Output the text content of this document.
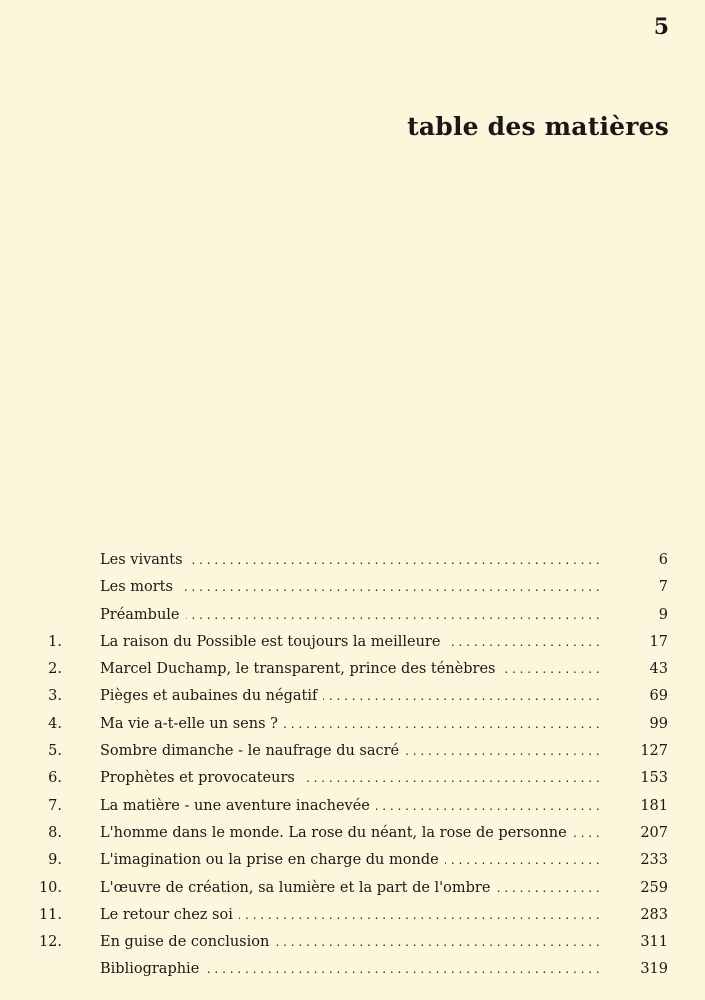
5
table des matières
Les vivants . . .	6
Les morts . . .	7
Préambule . . .	9
1.	La raison du Possible est toujours la meilleure . . .	17
2.	Marcel Duchamp, le transparent, prince des ténèbres . . .	43
3.	Pièges et aubaines du négatif . . .	69
4.	Ma vie a-t-elle un sens ? . . .	99
5.	Sombre dimanche - le naufrage du sacré . . .	127
6.	Prophètes et provocateurs . . .	153
7.	La matière - une aventure inachevée . . .	181
8.	L'homme dans le monde. La rose du néant, la rose de personne . . .	207
9.	L'imagination ou la prise en charge du monde . . .	233
10.	L'œuvre de création, sa lumière et la part de l'ombre . . .	259
11.	Le retour chez soi . . .	283
12.	En guise de conclusion . . .	311
Bibliographie . . .	319
